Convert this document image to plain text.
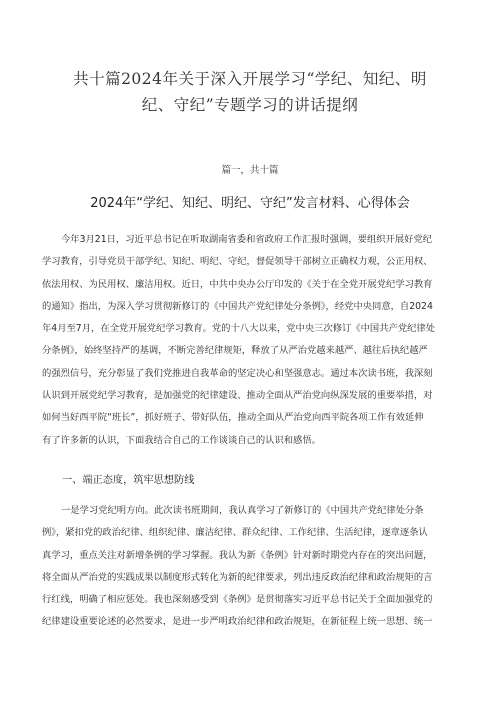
共十篇2024年关于深入开展学习“学纪、知纪、明
纪、守纪”专题学习的讲话提纲
篇一，共十篇
2024年“学纪、知纪、明纪、守纪”发言材料、心得体会
今年3月21日，习近平总书记在听取湖南省委和省政府工作汇报时强调，要组织开展好党纪
学习教育，引导党员干部学纪、知纪、明纪、守纪，督促领导干部树立正确权力观，公正用权、
依法用权、为民用权、廉洁用权。近日，中共中央办公厅印发的《关于在全党开展党纪学习教育
的通知》指出，为深入学习贯彻新修订的《中国共产党纪律处分条例》，经党中央同意，自2024
年4月至7月，在全党开展党纪学习教育。党的十八大以来，党中央三次修订《中国共产党纪律处
分条例》，始终坚持严的基调，不断完善纪律规矩，释放了从严治党越来越严、越往后执纪越严
的强烈信号，充分彰显了我们党推进自我革命的坚定决心和坚强意志。通过本次读书班，我深刻
认识到开展党纪学习教育，是加强党的纪律建设、推动全面从严治党向纵深发展的重要举措，对
如何当好西平院“班长”，抓好班子、带好队伍，推动全面从严治党向西平院各项工作有效延伸
有了许多新的认识，下面我结合自己的工作谈谈自己的认识和感悟。
一、端正态度，筑牢思想防线
一是学习党纪明方向。此次读书班期间，我认真学习了新修订的《中国共产党纪律处分条
例》，紧扣党的政治纪律、组织纪律、廉洁纪律、群众纪律、工作纪律、生活纪律，逐章逐条认
真学习，重点关注对新增条例的学习掌握。我认为新《条例》针对新时期党内存在的突出问题，
将全面从严治党的实践成果以制度形式转化为新的纪律要求，列出违反政治纪律和政治规矩的言
行红线，明确了相应惩处。我也深刻感受到《条例》是贯彻落实习近平总书记关于全面加强党的
纪律建设重要论述的必然要求，是进一步严明政治纪律和政治规矩，在新征程上统一思想、统一
